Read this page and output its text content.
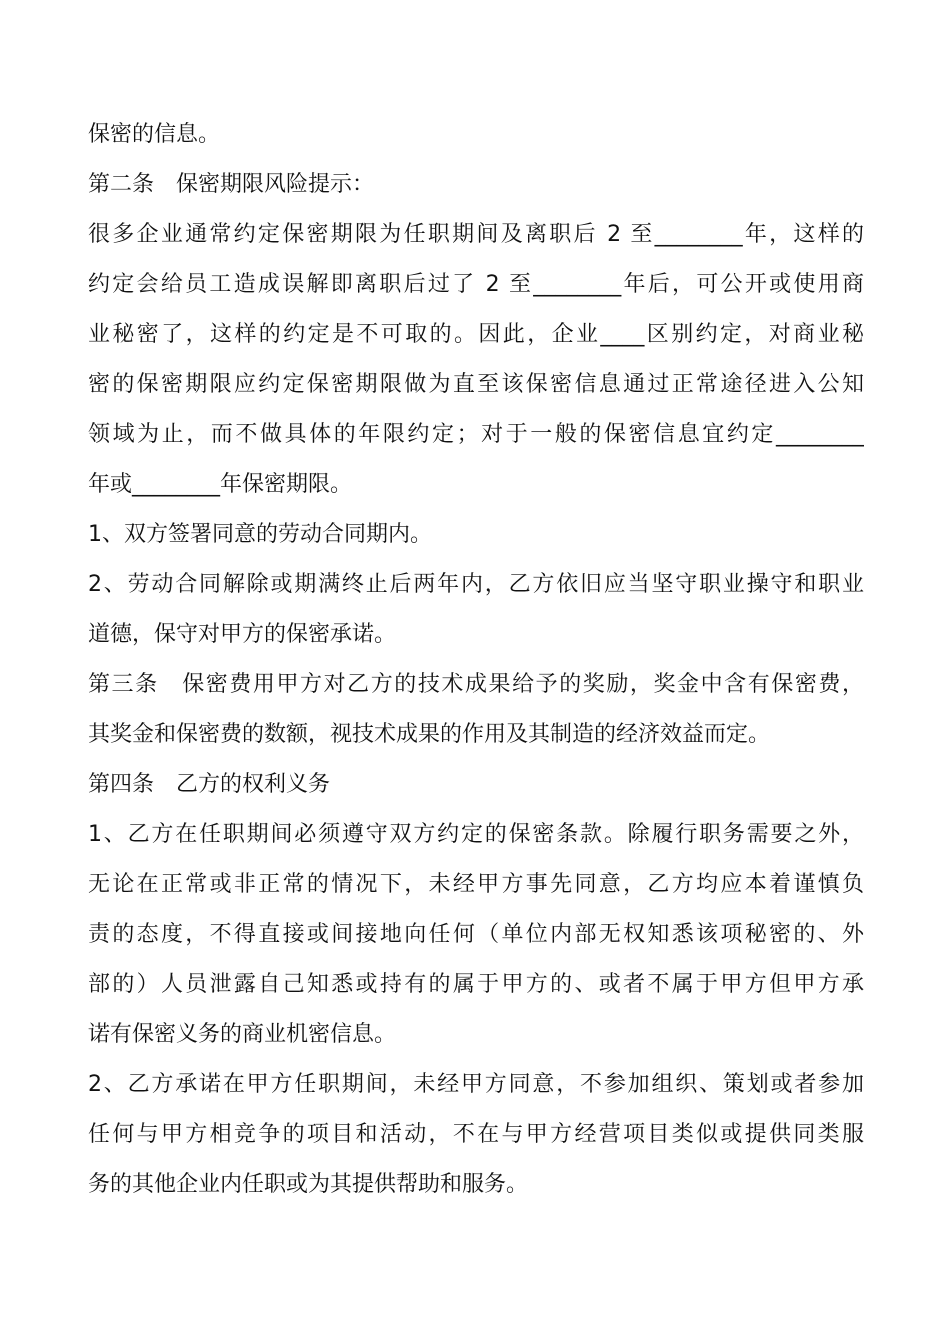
保密的信息。
第二条　保密期限风险提示：
很多企业通常约定保密期限为任职期间及离职后 2 至________年，这样的
约定会给员工造成误解即离职后过了 2 至________年后，可公开或使用商
业秘密了，这样的约定是不可取的。因此，企业____区别约定，对商业秘
密的保密期限应约定保密期限做为直至该保密信息通过正常途径进入公知
领域为止，而不做具体的年限约定；对于一般的保密信息宜约定________
年或________年保密期限。
1、双方签署同意的劳动合同期内。
2、劳动合同解除或期满终止后两年内，乙方依旧应当坚守职业操守和职业
道德，保守对甲方的保密承诺。
第三条　保密费用甲方对乙方的技术成果给予的奖励，奖金中含有保密费，
其奖金和保密费的数额，视技术成果的作用及其制造的经济效益而定。
第四条　乙方的权利义务
1、乙方在任职期间必须遵守双方约定的保密条款。除履行职务需要之外，
无论在正常或非正常的情况下，未经甲方事先同意，乙方均应本着谨慎负
责的态度，不得直接或间接地向任何（单位内部无权知悉该项秘密的、外
部的）人员泄露自己知悉或持有的属于甲方的、或者不属于甲方但甲方承
诺有保密义务的商业机密信息。
2、乙方承诺在甲方任职期间，未经甲方同意，不参加组织、策划或者参加
任何与甲方相竞争的项目和活动，不在与甲方经营项目类似或提供同类服
务的其他企业内任职或为其提供帮助和服务。
